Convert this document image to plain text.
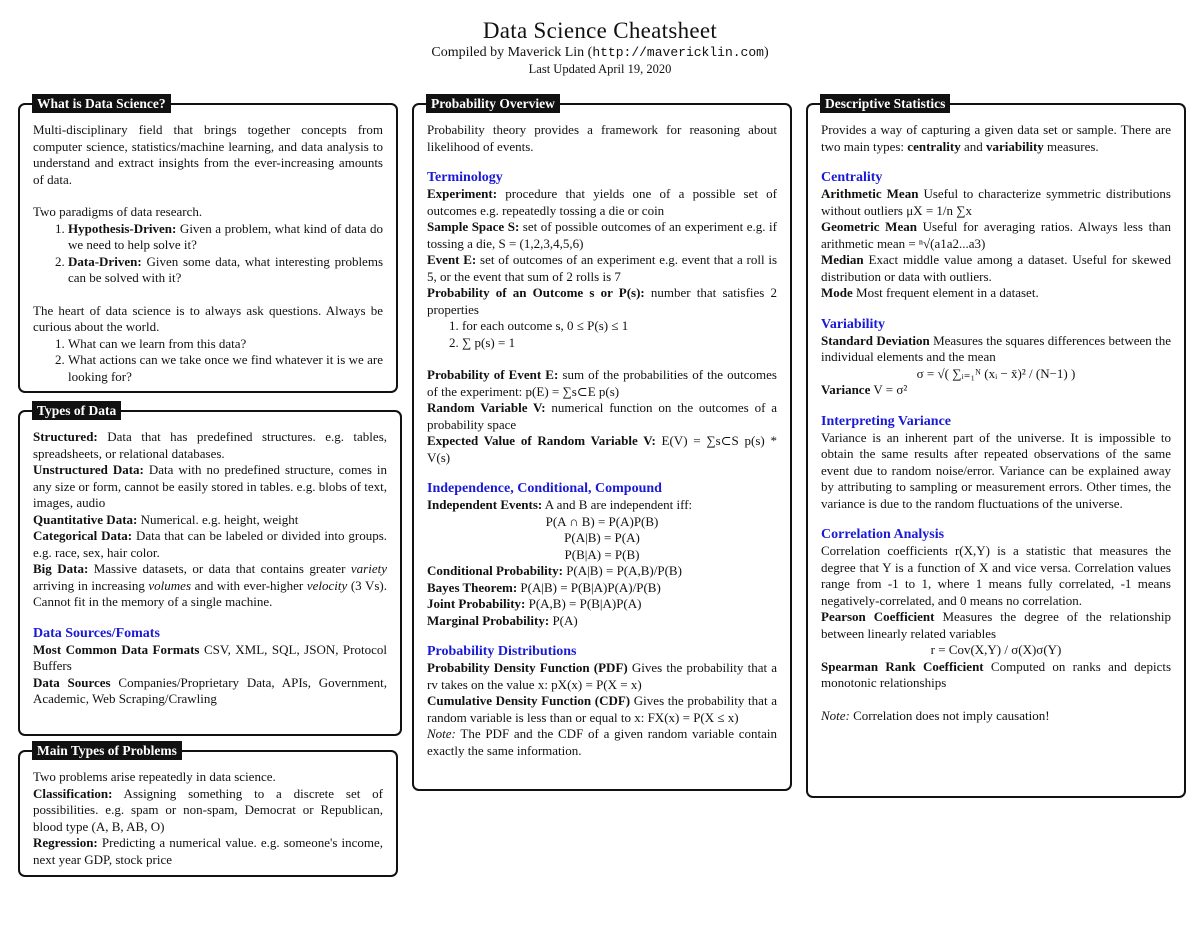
Data Science Cheatsheet
Compiled by Maverick Lin (http://mavericklin.com)
Last Updated April 19, 2020
What is Data Science?

Multi-disciplinary field that brings together concepts from computer science, statistics/machine learning, and data analysis to understand and extract insights from the ever-increasing amounts of data.

Two paradigms of data research.

1. Hypothesis-Driven: Given a problem, what kind of data do we need to help solve it?
2. Data-Driven: Given some data, what interesting problems can be solved with it?

The heart of data science is to always ask questions. Always be curious about the world.

1. What can we learn from this data?
2. What actions can we take once we find whatever it is we are looking for?
Types of Data

Structured: Data that has predefined structures. e.g. tables, spreadsheets, or relational databases.

Unstructured Data: Data with no predefined structure, comes in any size or form, cannot be easily stored in tables. e.g. blobs of text, images, audio

Quantitative Data: Numerical. e.g. height, weight

Categorical Data: Data that can be labeled or divided into groups. e.g. race, sex, hair color.

Big Data: Massive datasets, or data that contains greater variety arriving in increasing volumes and with ever-higher velocity (3 Vs). Cannot fit in the memory of a single machine.

Data Sources/Fomats

Most Common Data Formats CSV, XML, SQL, JSON, Protocol Buffers

Data Sources Companies/Proprietary Data, APIs, Government, Academic, Web Scraping/Crawling

Main Types of Problems

Two problems arise repeatedly in data science.

Classification: Assigning something to a discrete set of possibilities. e.g. spam or non-spam, Democrat or Republican, blood type (A, B, AB, O)

Regression: Predicting a numerical value. e.g. someone's income, next year GDP, stock price

Probability Overview

Probability theory provides a framework for reasoning about likelihood of events.

Terminology

Experiment: procedure that yields one of a possible set of outcomes e.g. repeatedly tossing a die or coin

Sample Space S: set of possible outcomes of an experiment e.g. if tossing a die, S = (1,2,3,4,5,6)

Event E: set of outcomes of an experiment e.g. event that a roll is 5, or the event that sum of 2 rolls is 7

Probability of an Outcome s or P(s): number that satisfies 2 properties

1. for each outcome s, 0 ≤ P(s) ≤ 1
2. ∑ p(s) = 1

Probability of Event E: sum of the probabilities of the outcomes of the experiment: p(E) = ∑s⊂E p(s)

Random Variable V: numerical function on the outcomes of a probability space

Expected Value of Random Variable V: E(V) = ∑s⊂S p(s) * V(s)

Independence, Conditional, Compound

Independent Events: A and B are independent iff:

P(A ∩ B) = P(A)P(B)
P(A|B) = P(A)
P(B|A) = P(B)

Conditional Probability: P(A|B) = P(A,B)/P(B)

Bayes Theorem: P(A|B) = P(B|A)P(A)/P(B)

Joint Probability: P(A,B) = P(B|A)P(A)

Marginal Probability: P(A)

Probability Distributions

Probability Density Function (PDF) Gives the probability that a rv takes on the value x: pX(x) = P(X = x)

Cumulative Density Function (CDF) Gives the probability that a random variable is less than or equal to x: FX(x) = P(X ≤ x)

Note: The PDF and the CDF of a given random variable contain exactly the same information.

Descriptive Statistics

Provides a way of capturing a given data set or sample. There are two main types: centrality and variability measures.

Centrality

Arithmetic Mean Useful to characterize symmetric distributions without outliers μX = 1/n ∑x

Geometric Mean Useful for averaging ratios. Always less than arithmetic mean = ⁿ√(a1a2...a3)

Median Exact middle value among a dataset. Useful for skewed distribution or data with outliers.

Mode Most frequent element in a dataset.

Variability

Standard Deviation Measures the squares differences between the individual elements and the mean

σ = √( ∑ᵢ₌₁ᴺ (xᵢ − x̄)² / (N−1) )

Variance V = σ²

Interpreting Variance

Variance is an inherent part of the universe. It is impossible to obtain the same results after repeated observations of the same event due to random noise/error. Variance can be explained away by attributing to sampling or measurement errors. Other times, the variance is due to the random fluctuations of the universe.

Correlation Analysis

Correlation coefficients r(X,Y) is a statistic that measures the degree that Y is a function of X and vice versa. Correlation values range from -1 to 1, where 1 means fully correlated, -1 means negatively-correlated, and 0 means no correlation.

Pearson Coefficient Measures the degree of the relationship between linearly related variables

r = Cov(X,Y) / σ(X)σ(Y)

Spearman Rank Coefficient Computed on ranks and depicts monotonic relationships

Note: Correlation does not imply causation!
